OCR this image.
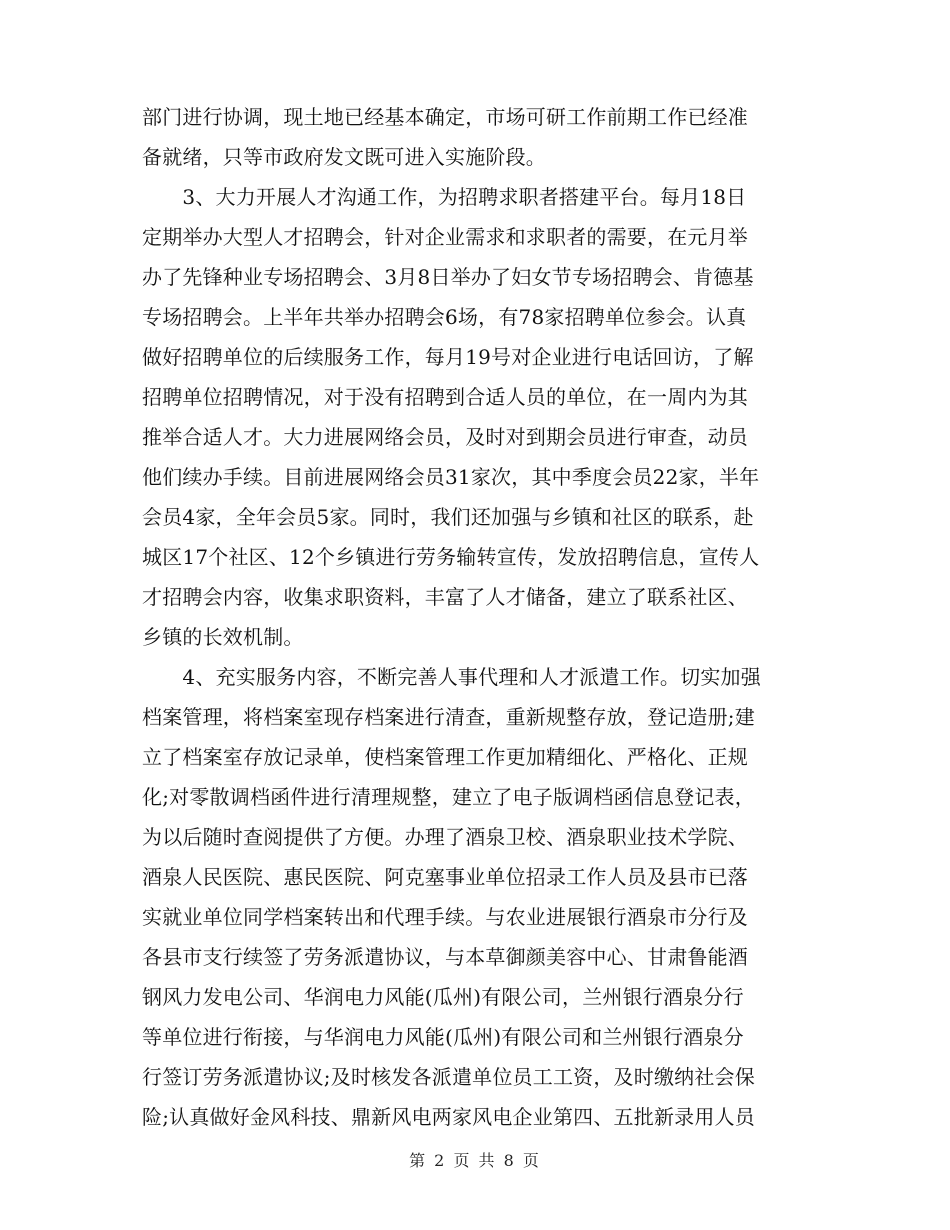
部门进行协调，现土地已经基本确定，市场可研工作前期工作已经准
备就绪，只等市政府发文既可进入实施阶段。
　　3、大力开展人才沟通工作，为招聘求职者搭建平台。每月18日
定期举办大型人才招聘会，针对企业需求和求职者的需要，在元月举
办了先锋种业专场招聘会、3月8日举办了妇女节专场招聘会、肯德基
专场招聘会。上半年共举办招聘会6场，有78家招聘单位参会。认真
做好招聘单位的后续服务工作，每月19号对企业进行电话回访，了解
招聘单位招聘情况，对于没有招聘到合适人员的单位，在一周内为其
推举合适人才。大力进展网络会员，及时对到期会员进行审查，动员
他们续办手续。目前进展网络会员31家次，其中季度会员22家，半年
会员4家，全年会员5家。同时，我们还加强与乡镇和社区的联系，赴
城区17个社区、12个乡镇进行劳务输转宣传，发放招聘信息，宣传人
才招聘会内容，收集求职资料，丰富了人才储备，建立了联系社区、
乡镇的长效机制。
　　4、充实服务内容，不断完善人事代理和人才派遣工作。切实加强
档案管理，将档案室现存档案进行清查，重新规整存放，登记造册;建
立了档案室存放记录单，使档案管理工作更加精细化、严格化、正规
化;对零散调档函件进行清理规整，建立了电子版调档函信息登记表，
为以后随时查阅提供了方便。办理了酒泉卫校、酒泉职业技术学院、
酒泉人民医院、惠民医院、阿克塞事业单位招录工作人员及县市已落
实就业单位同学档案转出和代理手续。与农业进展银行酒泉市分行及
各县市支行续签了劳务派遣协议，与本草御颜美容中心、甘肃鲁能酒
钢风力发电公司、华润电力风能(瓜州)有限公司，兰州银行酒泉分行
等单位进行衔接，与华润电力风能(瓜州)有限公司和兰州银行酒泉分
行签订劳务派遣协议;及时核发各派遣单位员工工资，及时缴纳社会保
险;认真做好金风科技、鼎新风电两家风电企业第四、五批新录用人员
第 2 页 共 8 页
